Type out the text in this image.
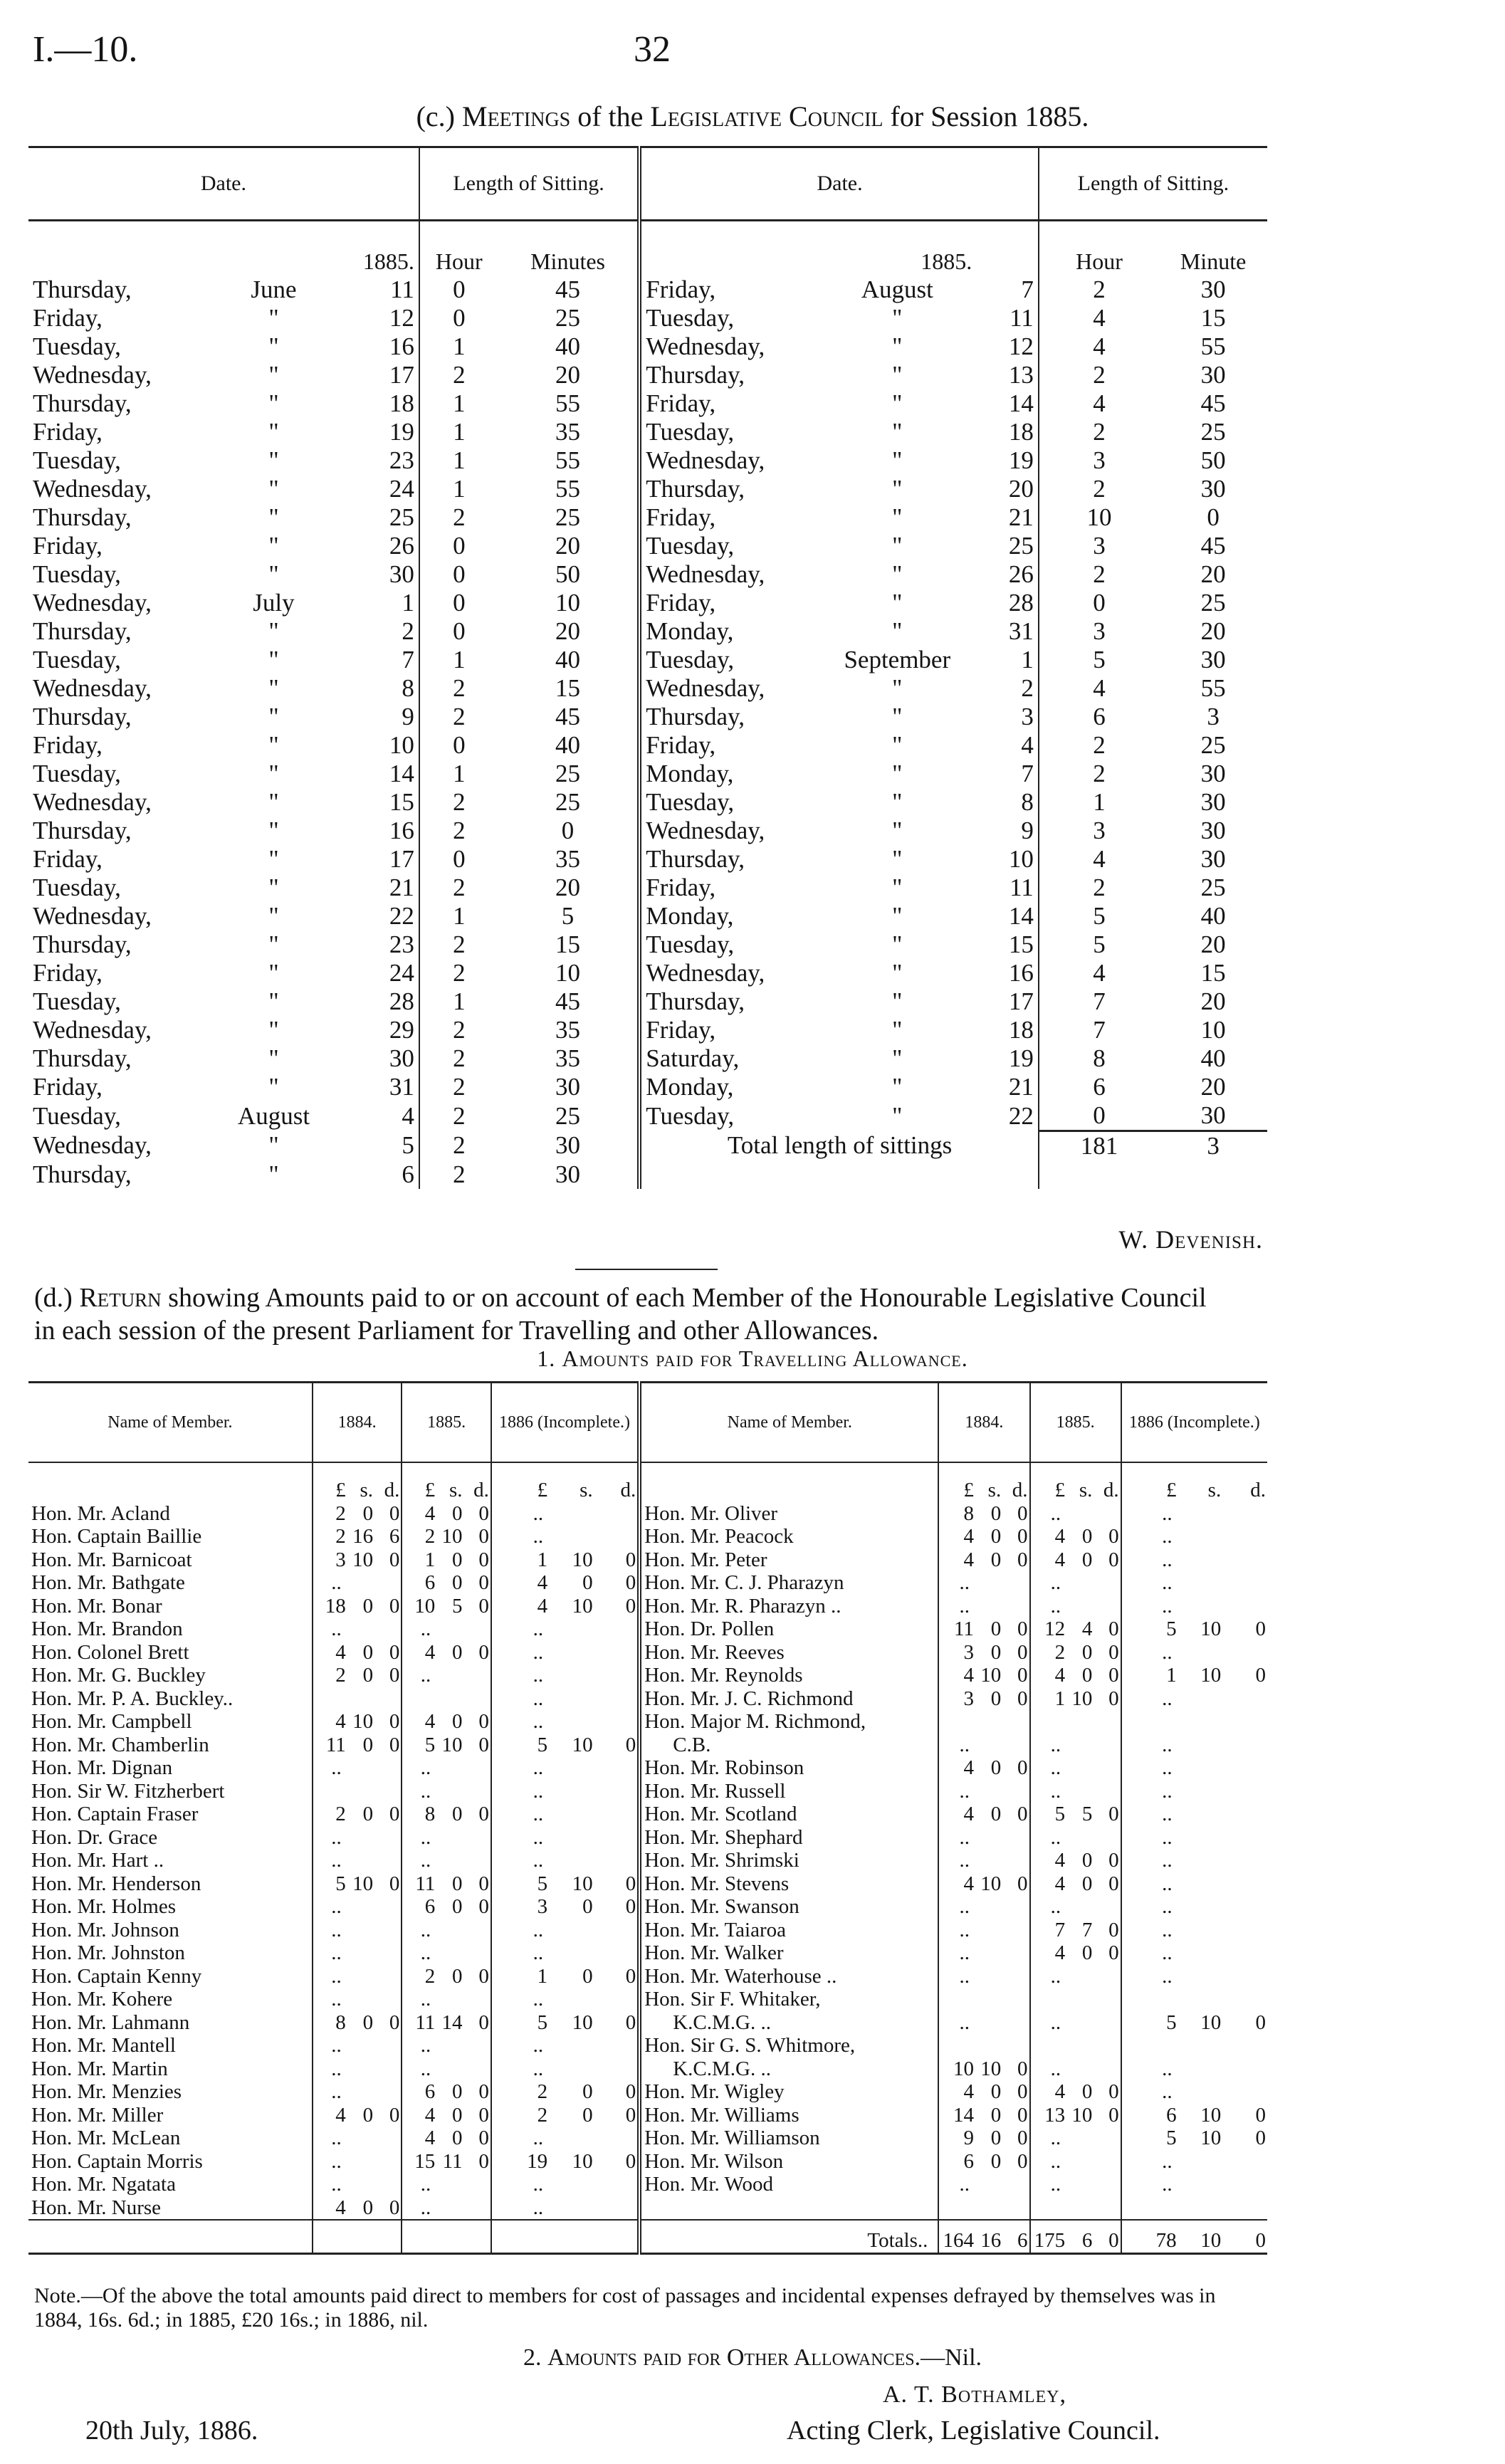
I.—10.	32
(c.) Meetings of the Legislative Council for Session 1885.
Date.			Length of Sitting.		Date.			Length of Sitting.	
		1885.	Hour	Minutes		1885.		Hour	Minute
Thursday,	June	11	0	45	Friday,	August	7	2	30
Friday,	"	12	0	25	Tuesday,	"	11	4	15
Tuesday,	"	16	1	40	Wednesday,	"	12	4	55
Wednesday,	"	17	2	20	Thursday,	"	13	2	30
Thursday,	"	18	1	55	Friday,	"	14	4	45
Friday,	"	19	1	35	Tuesday,	"	18	2	25
Tuesday,	"	23	1	55	Wednesday,	"	19	3	50
Wednesday,	"	24	1	55	Thursday,	"	20	2	30
Thursday,	"	25	2	25	Friday,	"	21	10	0
Friday,	"	26	0	20	Tuesday,	"	25	3	45
Tuesday,	"	30	0	50	Wednesday,	"	26	2	20
Wednesday,	July	1	0	10	Friday,	"	28	0	25
Thursday,	"	2	0	20	Monday,	"	31	3	20
Tuesday,	"	7	1	40	Tuesday,	September	1	5	30
Wednesday,	"	8	2	15	Wednesday,	"	2	4	55
Thursday,	"	9	2	45	Thursday,	"	3	6	3
Friday,	"	10	0	40	Friday,	"	4	2	25
Tuesday,	"	14	1	25	Monday,	"	7	2	30
Wednesday,	"	15	2	25	Tuesday,	"	8	1	30
Thursday,	"	16	2	0	Wednesday,	"	9	3	30
Friday,	"	17	0	35	Thursday,	"	10	4	30
Tuesday,	"	21	2	20	Friday,	"	11	2	25
Wednesday,	"	22	1	5	Monday,	"	14	5	40
Thursday,	"	23	2	15	Tuesday,	"	15	5	20
Friday,	"	24	2	10	Wednesday,	"	16	4	15
Tuesday,	"	28	1	45	Thursday,	"	17	7	20
Wednesday,	"	29	2	35	Friday,	"	18	7	10
Thursday,	"	30	2	35	Saturday,	"	19	8	40
Friday,	"	31	2	30	Monday,	"	21	6	20
Tuesday,	August	4	2	25	Tuesday,	"	22	0	30
Wednesday,	"	5	2	30	Total length of sittings			181	3
Thursday,	"	6	2	30					
W. Devenish.
(d.) Return showing Amounts paid to or on account of each Member of the Honourable Legislative Council in each session of the present Parliament for Travelling and other Allowances.
1. Amounts paid for Travelling Allowance.
Name of Member.	1884.			1885.			1886 (Incomplete.)			Name of Member.	1884.			1885.			1886 (Incomplete.)		
	£	s.	d.	£	s.	d.	£	s.	d.		£	s.	d.	£	s.	d.	£	s.	d.
Hon. Mr. Acland	2	0	0	4	0	0	..			Hon. Mr. Oliver	8	0	0	..			..		
Hon. Captain Baillie	2	16	6	2	10	0	..			Hon. Mr. Peacock	4	0	0	4	0	0	..		
Hon. Mr. Barnicoat	3	10	0	1	0	0	1	10	0	Hon. Mr. Peter	4	0	0	4	0	0	..		
Hon. Mr. Bathgate	..			6	0	0	4	0	0	Hon. Mr. C. J. Pharazyn	..			..			..		
Hon. Mr. Bonar	18	0	0	10	5	0	4	10	0	Hon. Mr. R. Pharazyn ..	..			..			..		
Hon. Mr. Brandon	..			..			..			Hon. Dr. Pollen	11	0	0	12	4	0	5	10	0
Hon. Colonel Brett	4	0	0	4	0	0	..			Hon. Mr. Reeves	3	0	0	2	0	0	..		
Hon. Mr. G. Buckley	2	0	0	..			..			Hon. Mr. Reynolds	4	10	0	4	0	0	1	10	0
Hon. Mr. P. A. Buckley..							..			Hon. Mr. J. C. Richmond	3	0	0	1	10	0	..		
Hon. Mr. Campbell	4	10	0	4	0	0	..			Hon. Major M. Richmond,									
Hon. Mr. Chamberlin	11	0	0	5	10	0	5	10	0	C.B.	..			..			..		
Hon. Mr. Dignan	..			..			..			Hon. Mr. Robinson	4	0	0	..			..		
Hon. Sir W. Fitzherbert				..			..			Hon. Mr. Russell	..			..			..		
Hon. Captain Fraser	2	0	0	8	0	0	..			Hon. Mr. Scotland	4	0	0	5	5	0	..		
Hon. Dr. Grace	..			..			..			Hon. Mr. Shephard	..			..			..		
Hon. Mr. Hart ..	..			..			..			Hon. Mr. Shrimski	..			4	0	0	..		
Hon. Mr. Henderson	5	10	0	11	0	0	5	10	0	Hon. Mr. Stevens	4	10	0	4	0	0	..		
Hon. Mr. Holmes	..			6	0	0	3	0	0	Hon. Mr. Swanson	..			..			..		
Hon. Mr. Johnson	..			..			..			Hon. Mr. Taiaroa	..			7	7	0	..		
Hon. Mr. Johnston	..			..			..			Hon. Mr. Walker	..			4	0	0	..		
Hon. Captain Kenny	..			2	0	0	1	0	0	Hon. Mr. Waterhouse ..	..			..			..		
Hon. Mr. Kohere	..			..			..			Hon. Sir F. Whitaker,									
Hon. Mr. Lahmann	8	0	0	11	14	0	5	10	0	K.C.M.G. ..	..			..			5	10	0
Hon. Mr. Mantell	..			..			..			Hon. Sir G. S. Whitmore,									
Hon. Mr. Martin	..			..			..			K.C.M.G. ..	10	10	0	..			..		
Hon. Mr. Menzies	..			6	0	0	2	0	0	Hon. Mr. Wigley	4	0	0	4	0	0	..		
Hon. Mr. Miller	4	0	0	4	0	0	2	0	0	Hon. Mr. Williams	14	0	0	13	10	0	6	10	0
Hon. Mr. McLean	..			4	0	0	..			Hon. Mr. Williamson	9	0	0	..			5	10	0
Hon. Captain Morris	..			15	11	0	19	10	0	Hon. Mr. Wilson	6	0	0	..			..		
Hon. Mr. Ngatata	..			..			..			Hon. Mr. Wood	..			..			..		
Hon. Mr. Nurse	4	0	0	..			..												
										Totals..	164	16	6	175	6	0	78	10	0
Note.—Of the above the total amounts paid direct to members for cost of passages and incidental expenses defrayed by themselves was in 1884, 16s. 6d.; in 1885, £20 16s.; in 1886, nil.
2. Amounts paid for Other Allowances.—Nil.
A. T. Bothamley,
20th July, 1886.	Acting Clerk, Legislative Council.
